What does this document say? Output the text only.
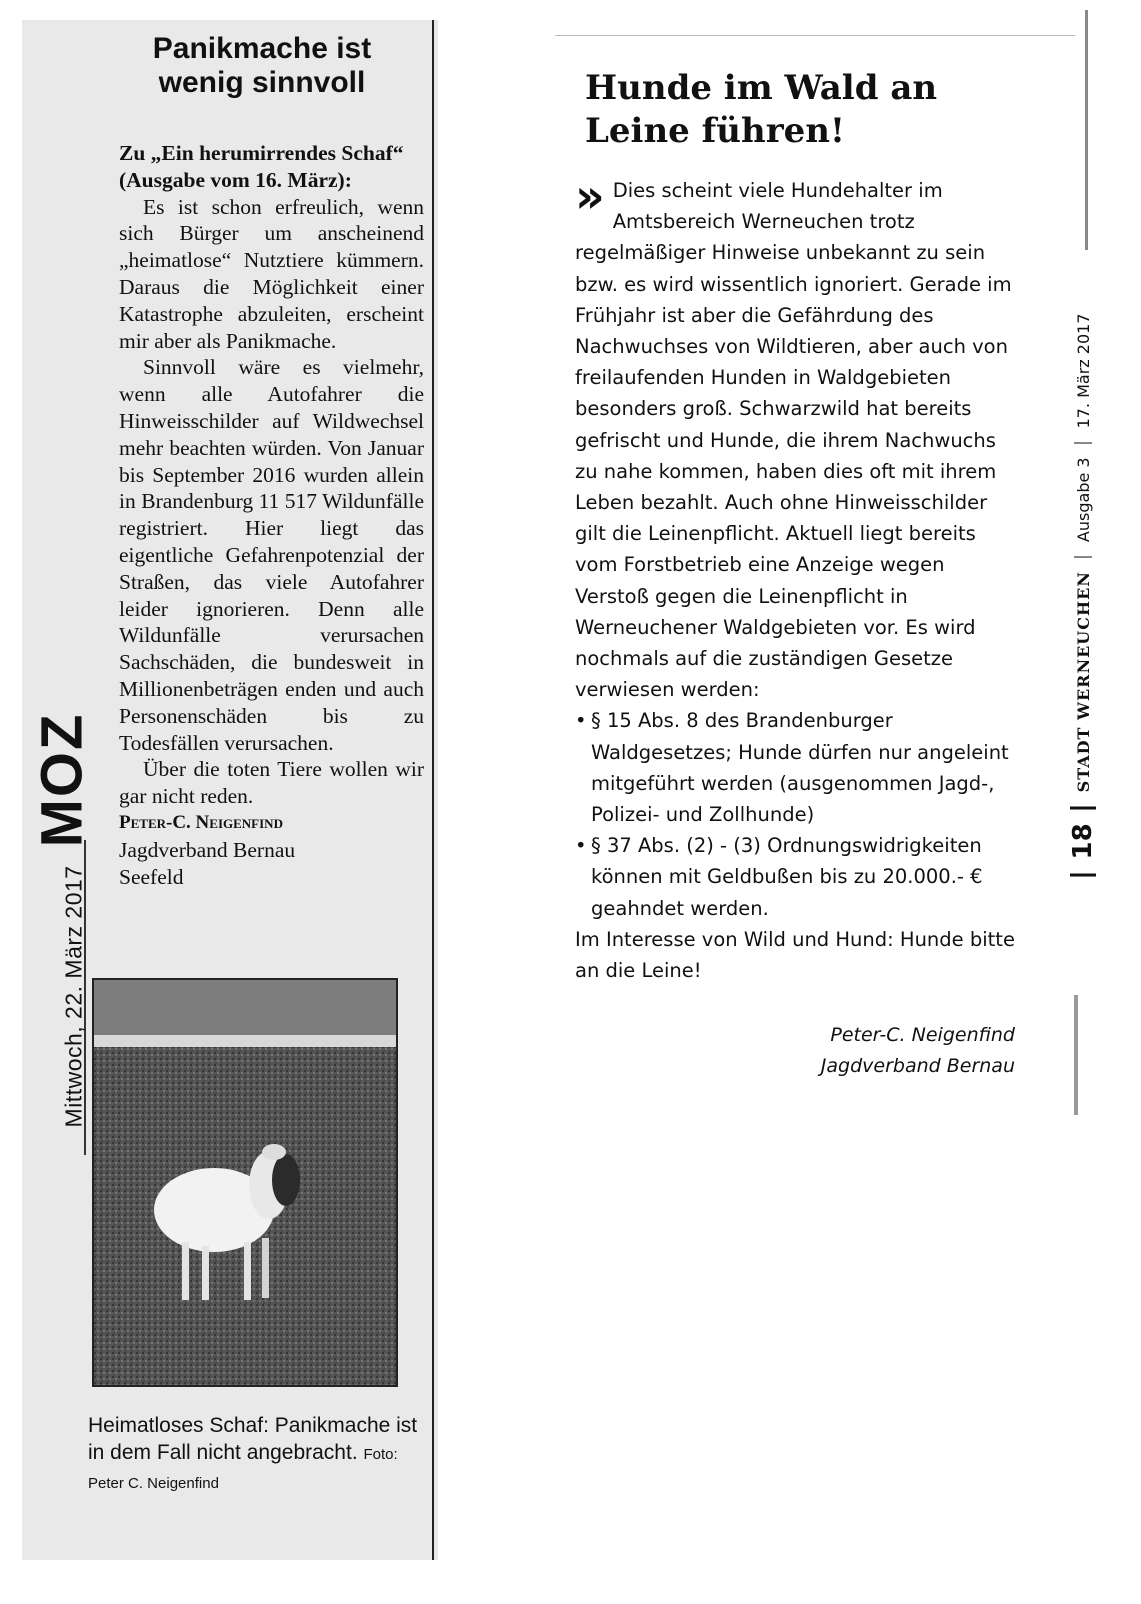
Mittwoch, 22. März 2017
MOZ
Panikmache ist wenig sinnvoll

Zu „Ein herumirrendes Schaf“ (Ausgabe vom 16. März):

Es ist schon erfreulich, wenn sich Bürger um anscheinend „heimatlose“ Nutztiere kümmern. Daraus die Möglichkeit einer Katastrophe abzuleiten, erscheint mir aber als Panikmache.

Sinnvoll wäre es vielmehr, wenn alle Autofahrer die Hinweisschilder auf Wildwechsel mehr beachten würden. Von Januar bis September 2016 wurden allein in Brandenburg 11 517 Wildunfälle registriert. Hier liegt das eigentliche Gefahrenpotenzial der Straßen, das viele Autofahrer leider ignorieren. Denn alle Wildunfälle verursachen Sachschäden, die bundesweit in Millionenbeträgen enden und auch Personenschäden bis zu Todesfällen verursachen.

Über die toten Tiere wollen wir gar nicht reden.

Peter-C. Neigenfind

Jagdverband Bernau

Seefeld

Heimatloses Schaf: Panikmache ist in dem Fall nicht angebracht. Foto: Peter C. Neigenfind
Hunde im Wald an Leine führen!
» Dies scheint viele Hundehalter im Amtsbereich Werneuchen trotz regelmäßiger Hinweise unbekannt zu sein bzw. es wird wissentlich ignoriert. Gerade im Frühjahr ist aber die Gefährdung des Nachwuchses von Wildtieren, aber auch von freilaufenden Hunden in Waldgebieten besonders groß. Schwarzwild hat bereits gefrischt und Hunde, die ihrem Nachwuchs zu nahe kommen, haben dies oft mit ihrem Leben bezahlt. Auch ohne Hinweisschilder gilt die Leinenpflicht. Aktuell liegt bereits vom Forstbetrieb eine Anzeige wegen Verstoß gegen die Leinenpflicht in Werneuchener Waldgebieten vor. Es wird nochmals auf die zuständigen Gesetze verwiesen werden:

• § 15 Abs. 8 des Brandenburger Waldgesetzes; Hunde dürfen nur angeleint mitgeführt werden (ausgenommen Jagd-, Polizei- und Zollhunde)
• § 37 Abs. (2) - (3) Ordnungswidrigkeiten können mit Geldbußen bis zu 20.000.- € geahndet werden.

Im Interesse von Wild und Hund: Hunde bitte an die Leine!

Peter-C. Neigenfind
Jagdverband Bernau
18
STADT WERNEUCHEN
Ausgabe 3
17. März 2017
